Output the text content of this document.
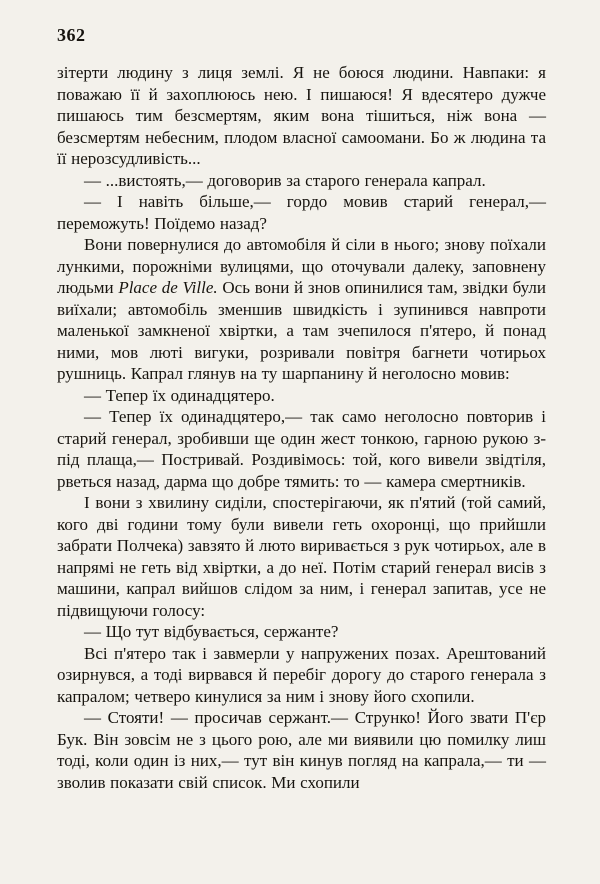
362

зітерти людину з лиця землі. Я не боюся людини. Навпаки: я поважаю її й захоплююсь нею. І пишаюся! Я вдесятеро дужче пишаюсь тим безсмертям, яким вона тішиться, ніж вона — безсмертям небесним, плодом власної самоомани. Бо ж людина та її нерозсудливість...

— ...вистоять,— договорив за старого генерала капрал.

— І навіть більше,— гордо мовив старий генерал,— переможуть! Поїдемо назад?

Вони повернулися до автомобіля й сіли в нього; знову поїхали лункими, порожніми вулицями, що оточували далеку, заповнену людьми Place de Ville. Ось вони й знов опинилися там, звідки були виїхали; автомобіль зменшив швидкість і зупинився навпроти маленької замкненої хвіртки, а там зчепилося п'ятеро, й понад ними, мов люті вигуки, розривали повітря багнети чотирьох рушниць. Капрал глянув на ту шарпанину й неголосно мовив:

— Тепер їх одинадцятеро.

— Тепер їх одинадцятеро,— так само неголосно повторив і старий генерал, зробивши ще один жест тонкою, гарною рукою з-під плаща,— Постривай. Роздивімось: той, кого вивели звідтіля, рветься назад, дарма що добре тямить: то — камера смертників.

І вони з хвилину сиділи, спостерігаючи, як п'ятий (той самий, кого дві години тому були вивели геть охоронці, що прийшли забрати Полчека) завзято й люто виривається з рук чотирьох, але в напрямі не геть від хвіртки, а до неї. Потім старий генерал висів з машини, капрал вийшов слідом за ним, і генерал запитав, усе не підвищуючи голосу:

— Що тут відбувається, сержанте?

Всі п'ятеро так і завмерли у напружених позах. Арештований озирнувся, а тоді вирвався й перебіг дорогу до старого генерала з капралом; четверо кинулися за ним і знову його схопили.

— Стояти! — просичав сержант.— Струнко! Його звати П'єр Бук. Він зовсім не з цього рою, але ми виявили цю помилку лиш тоді, коли один із них,— тут він кинув погляд на капрала,— ти — зволив показати свій список. Ми схопили
